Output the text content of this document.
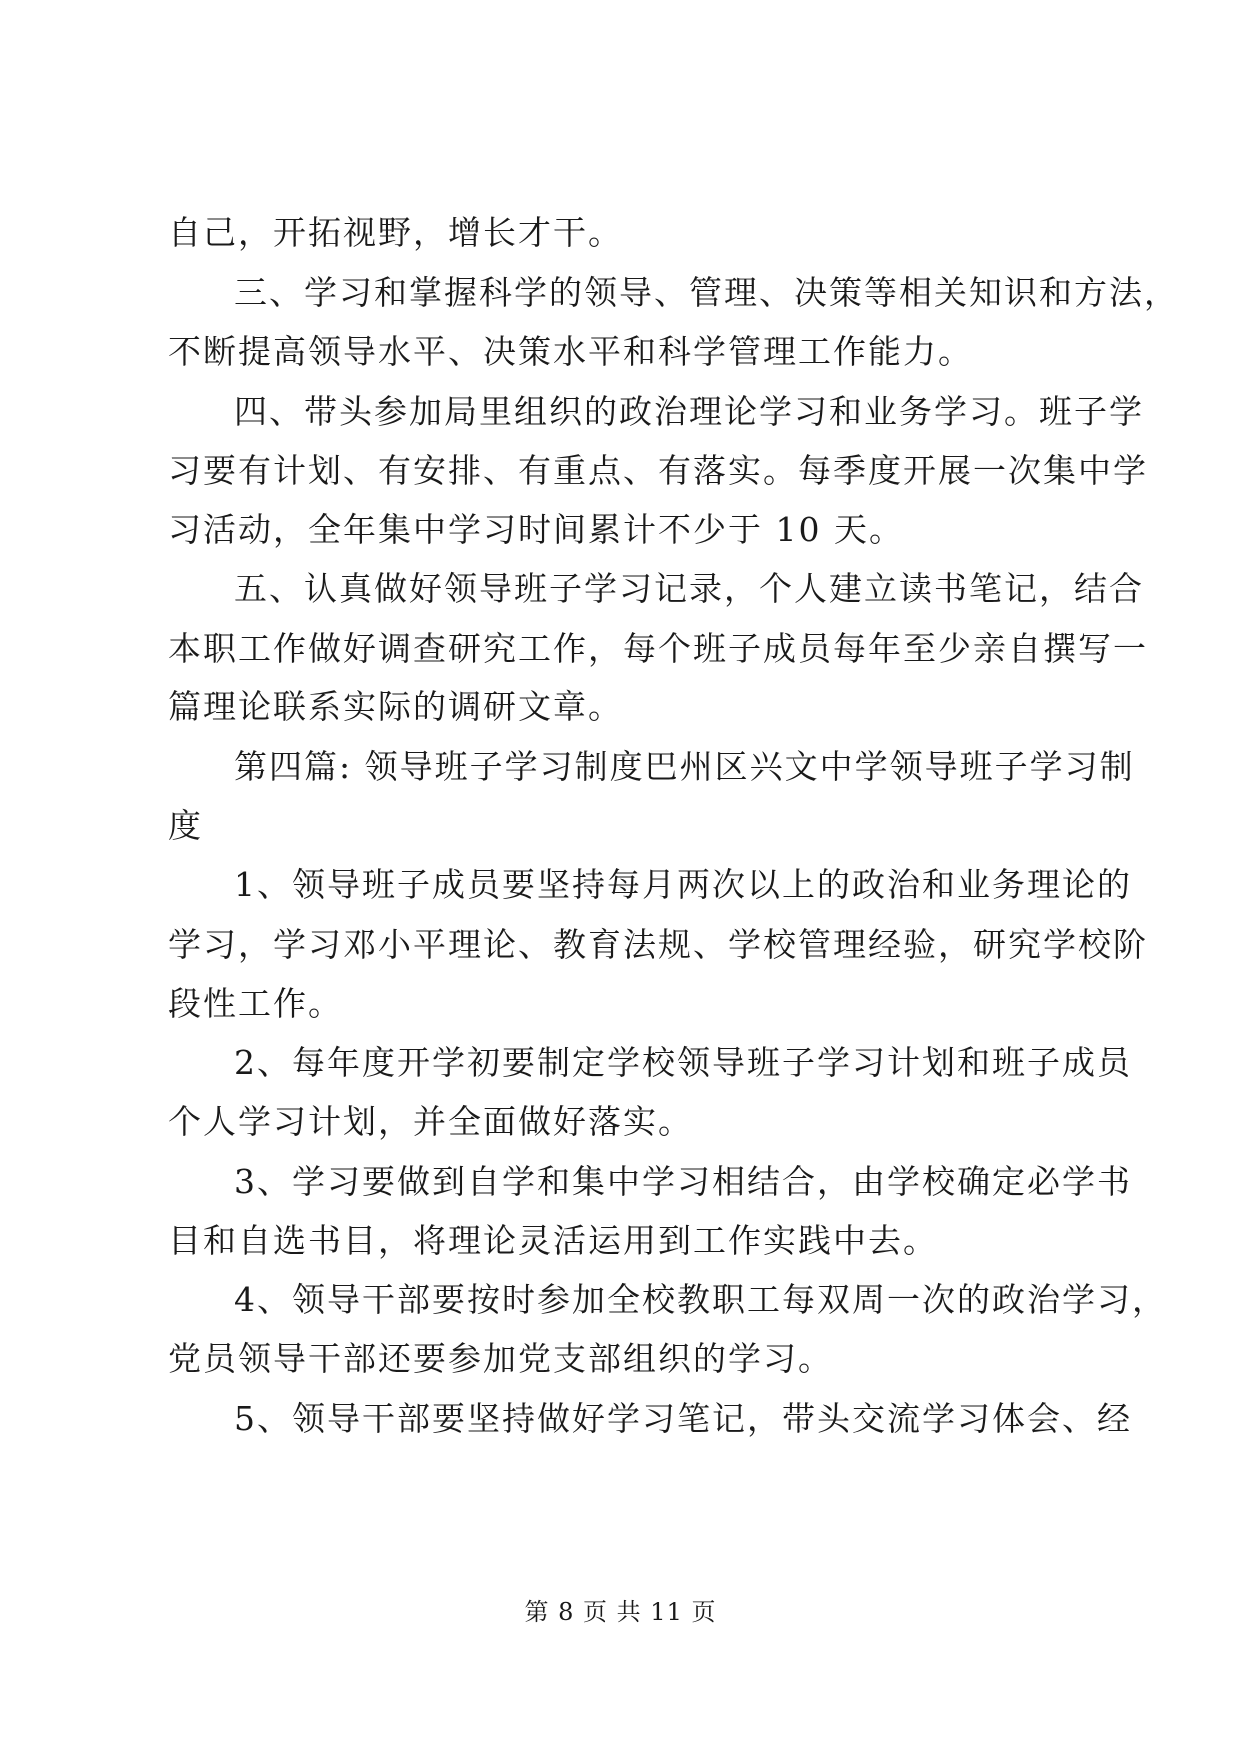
自己，开拓视野，增长才干。
三、学习和掌握科学的领导、管理、决策等相关知识和方法，
不断提高领导水平、决策水平和科学管理工作能力。
四、带头参加局里组织的政治理论学习和业务学习。班子学
习要有计划、有安排、有重点、有落实。每季度开展一次集中学
习活动，全年集中学习时间累计不少于 10 天。
五、认真做好领导班子学习记录，个人建立读书笔记，结合
本职工作做好调查研究工作，每个班子成员每年至少亲自撰写一
篇理论联系实际的调研文章。
第四篇: 领导班子学习制度巴州区兴文中学领导班子学习制
度
1、领导班子成员要坚持每月两次以上的政治和业务理论的
学习，学习邓小平理论、教育法规、学校管理经验，研究学校阶
段性工作。
2、每年度开学初要制定学校领导班子学习计划和班子成员
个人学习计划，并全面做好落实。
3、学习要做到自学和集中学习相结合，由学校确定必学书
目和自选书目，将理论灵活运用到工作实践中去。
4、领导干部要按时参加全校教职工每双周一次的政治学习，
党员领导干部还要参加党支部组织的学习。
5、领导干部要坚持做好学习笔记，带头交流学习体会、经
第 8 页 共 11 页
